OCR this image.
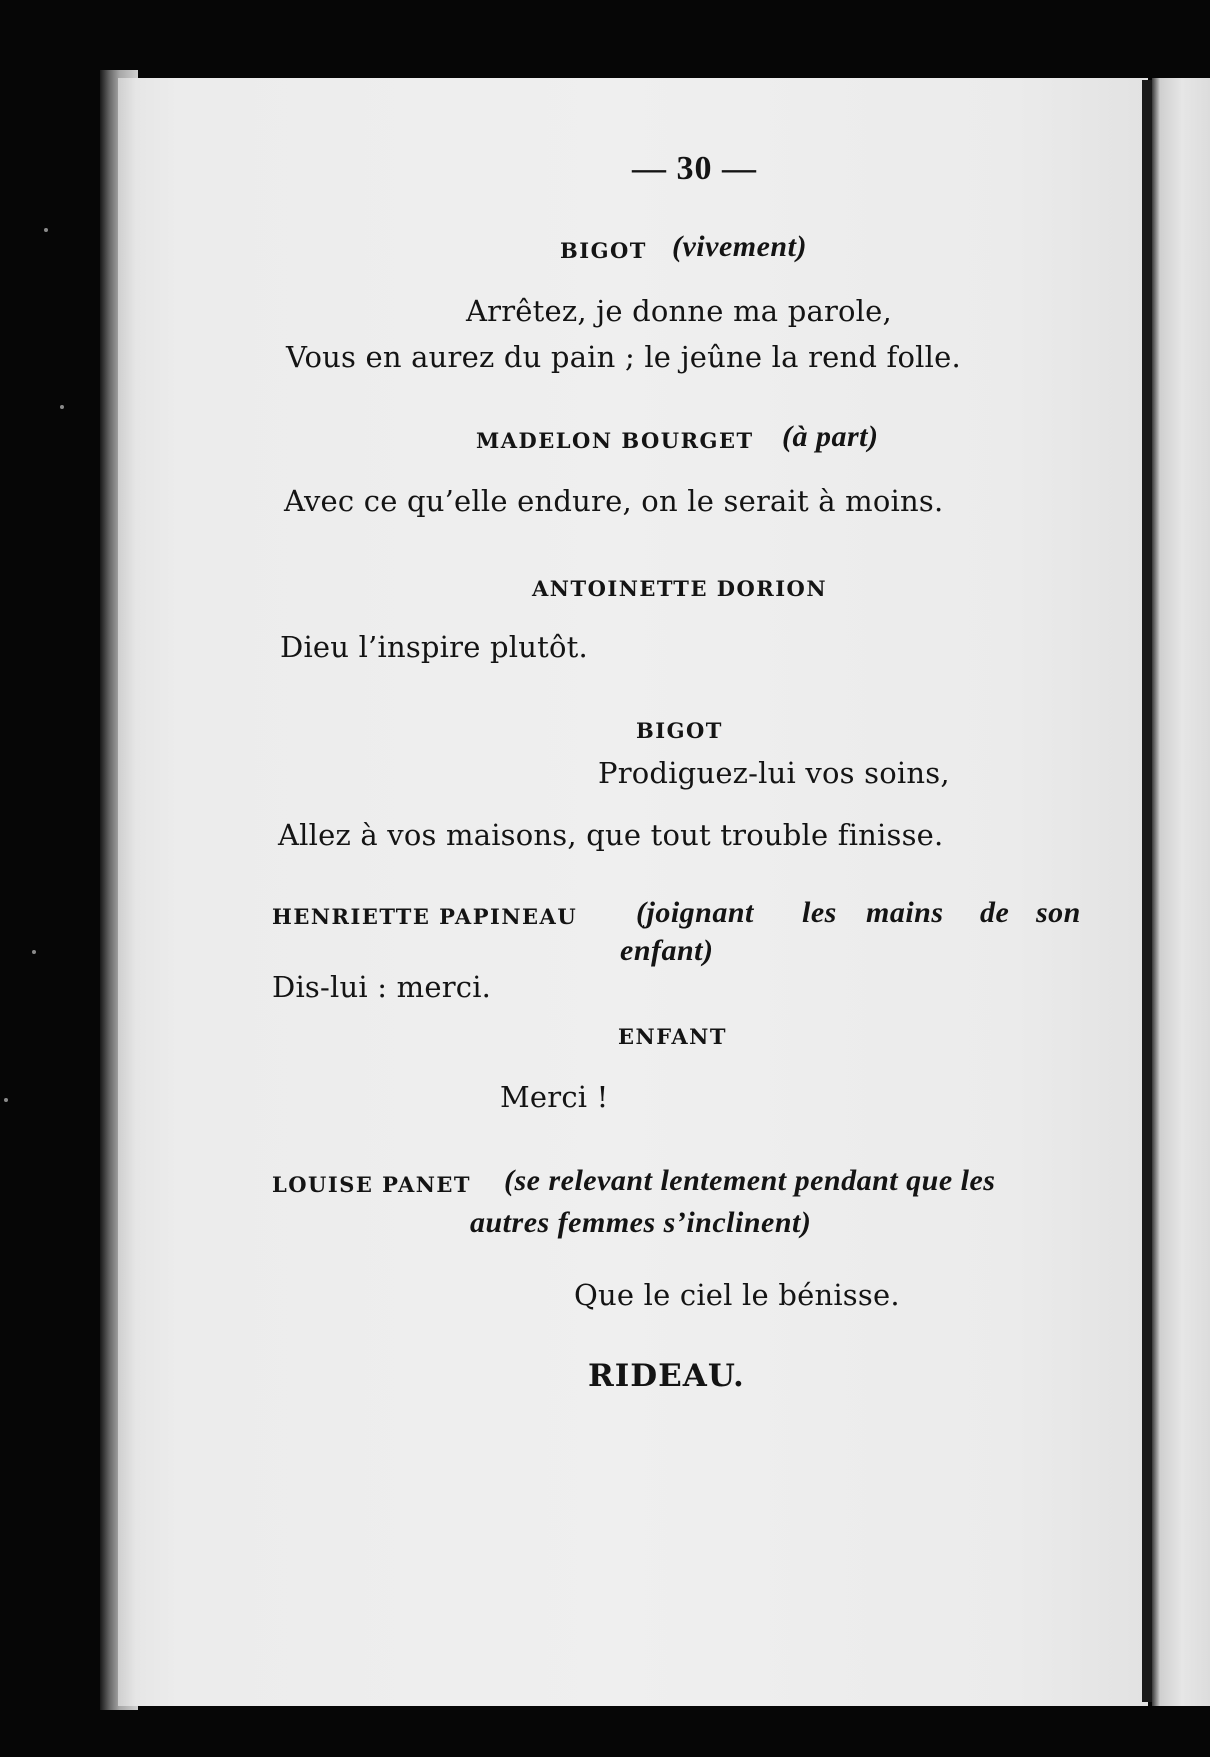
— 30 —

BIGOT (vivement)

Arrêtez, je donne ma parole,

Vous en aurez du pain ; le jeûne la rend folle.

MADELON BOURGET (à part)

Avec ce qu’elle endure, on le serait à moins.

ANTOINETTE DORION

Dieu l’inspire plutôt.

BIGOT

Prodiguez-lui vos soins,

Allez à vos maisons, que tout trouble finisse.

HENRIETTE PAPINEAU (joignant les mains de son

enfant)

Dis-lui : merci.

ENFANT

Merci !

LOUISE PANET (se relevant lentement pendant que les

autres femmes s’inclinent)

Que le ciel le bénisse.

RIDEAU.
